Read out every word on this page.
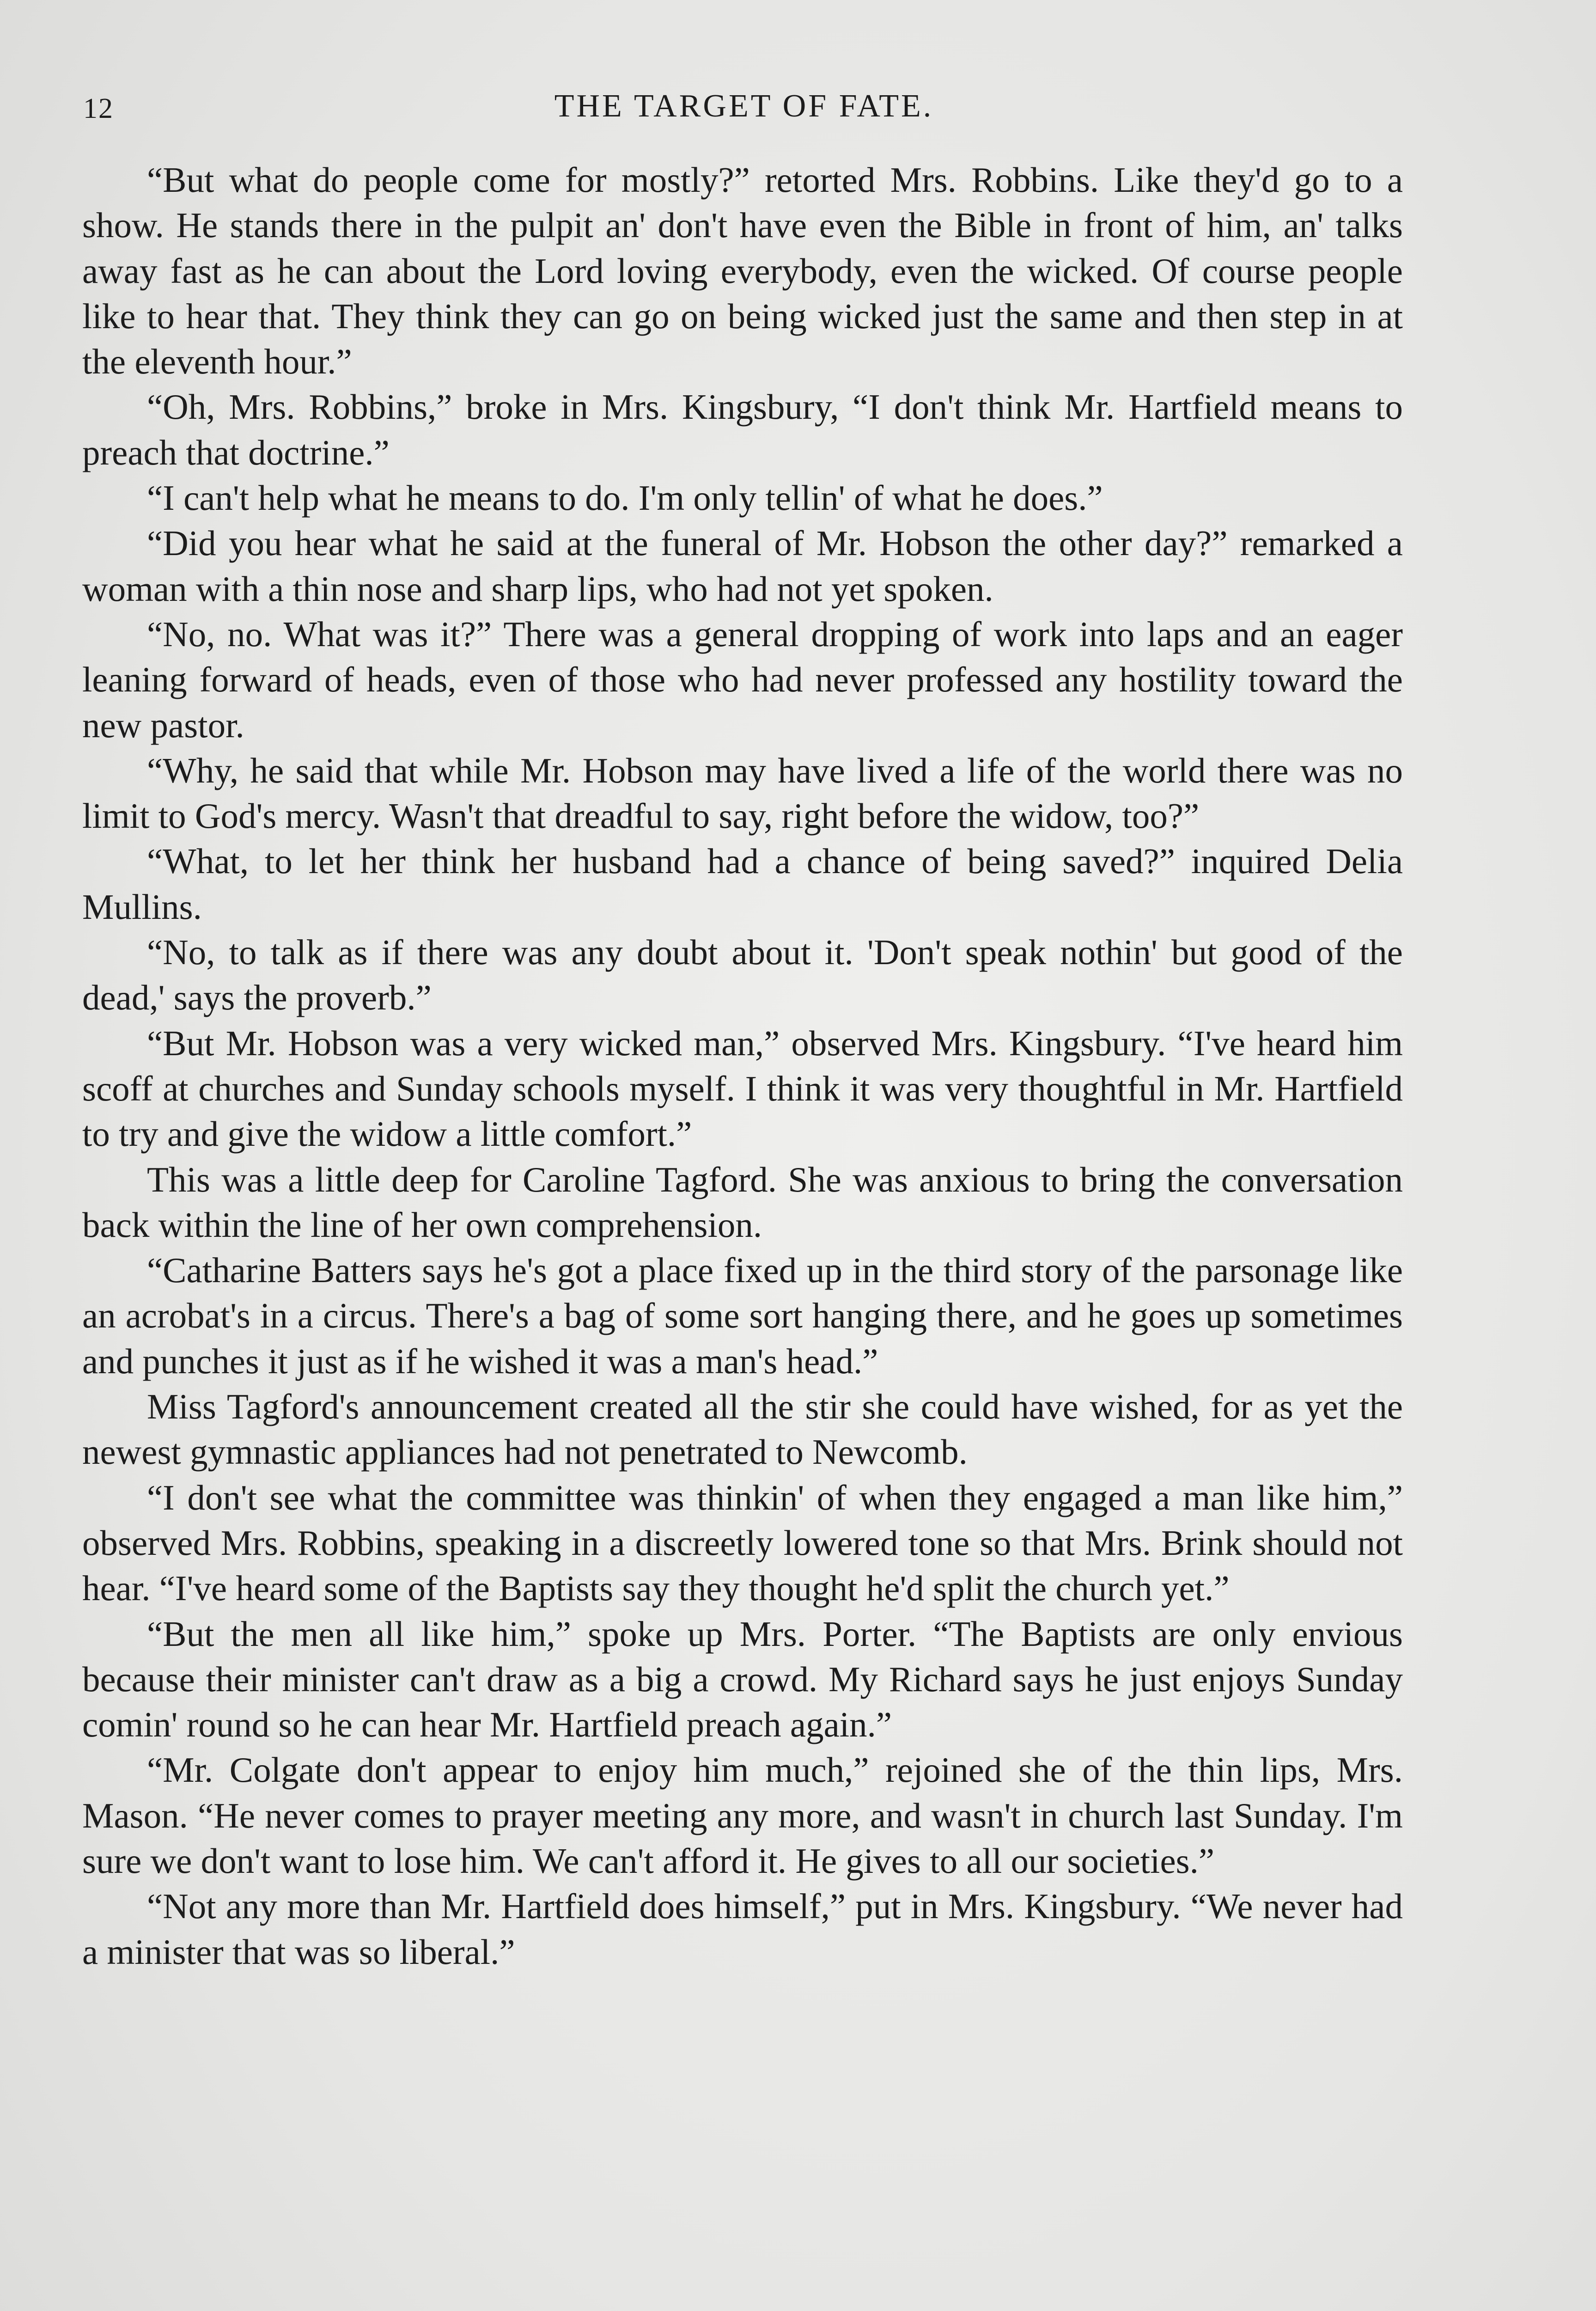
12	THE TARGET OF FATE.

“But what do people come for mostly?” retorted Mrs. Robbins. Like they'd go to a show. He stands there in the pulpit an' don't have even the Bible in front of him, an' talks away fast as he can about the Lord loving everybody, even the wicked. Of course people like to hear that. They think they can go on being wicked just the same and then step in at the eleventh hour.”

“Oh, Mrs. Robbins,” broke in Mrs. Kingsbury, “I don't think Mr. Hartfield means to preach that doctrine.”

“I can't help what he means to do. I'm only tellin' of what he does.”

“Did you hear what he said at the funeral of Mr. Hobson the other day?” remarked a woman with a thin nose and sharp lips, who had not yet spoken.

“No, no. What was it?” There was a general dropping of work into laps and an eager leaning forward of heads, even of those who had never professed any hostility toward the new pastor.

“Why, he said that while Mr. Hobson may have lived a life of the world there was no limit to God's mercy. Wasn't that dreadful to say, right before the widow, too?”

“What, to let her think her husband had a chance of being saved?” inquired Delia Mullins.

“No, to talk as if there was any doubt about it. 'Don't speak nothin' but good of the dead,' says the proverb.”

“But Mr. Hobson was a very wicked man,” observed Mrs. Kingsbury. “I've heard him scoff at churches and Sunday schools myself. I think it was very thoughtful in Mr. Hartfield to try and give the widow a little comfort.”

This was a little deep for Caroline Tagford. She was anxious to bring the conversation back within the line of her own comprehension.

“Catharine Batters says he's got a place fixed up in the third story of the parsonage like an acrobat's in a circus. There's a bag of some sort hanging there, and he goes up sometimes and punches it just as if he wished it was a man's head.”

Miss Tagford's announcement created all the stir she could have wished, for as yet the newest gymnastic appliances had not penetrated to Newcomb.

“I don't see what the committee was thinkin' of when they engaged a man like him,” observed Mrs. Robbins, speaking in a discreetly lowered tone so that Mrs. Brink should not hear. “I've heard some of the Baptists say they thought he'd split the church yet.”

“But the men all like him,” spoke up Mrs. Porter. “The Baptists are only envious because their minister can't draw as a big a crowd. My Richard says he just enjoys Sunday comin' round so he can hear Mr. Hartfield preach again.”

“Mr. Colgate don't appear to enjoy him much,” rejoined she of the thin lips, Mrs. Mason. “He never comes to prayer meeting any more, and wasn't in church last Sunday. I'm sure we don't want to lose him. We can't afford it. He gives to all our societies.”

“Not any more than Mr. Hartfield does himself,” put in Mrs. Kingsbury. “We never had a minister that was so liberal.”
